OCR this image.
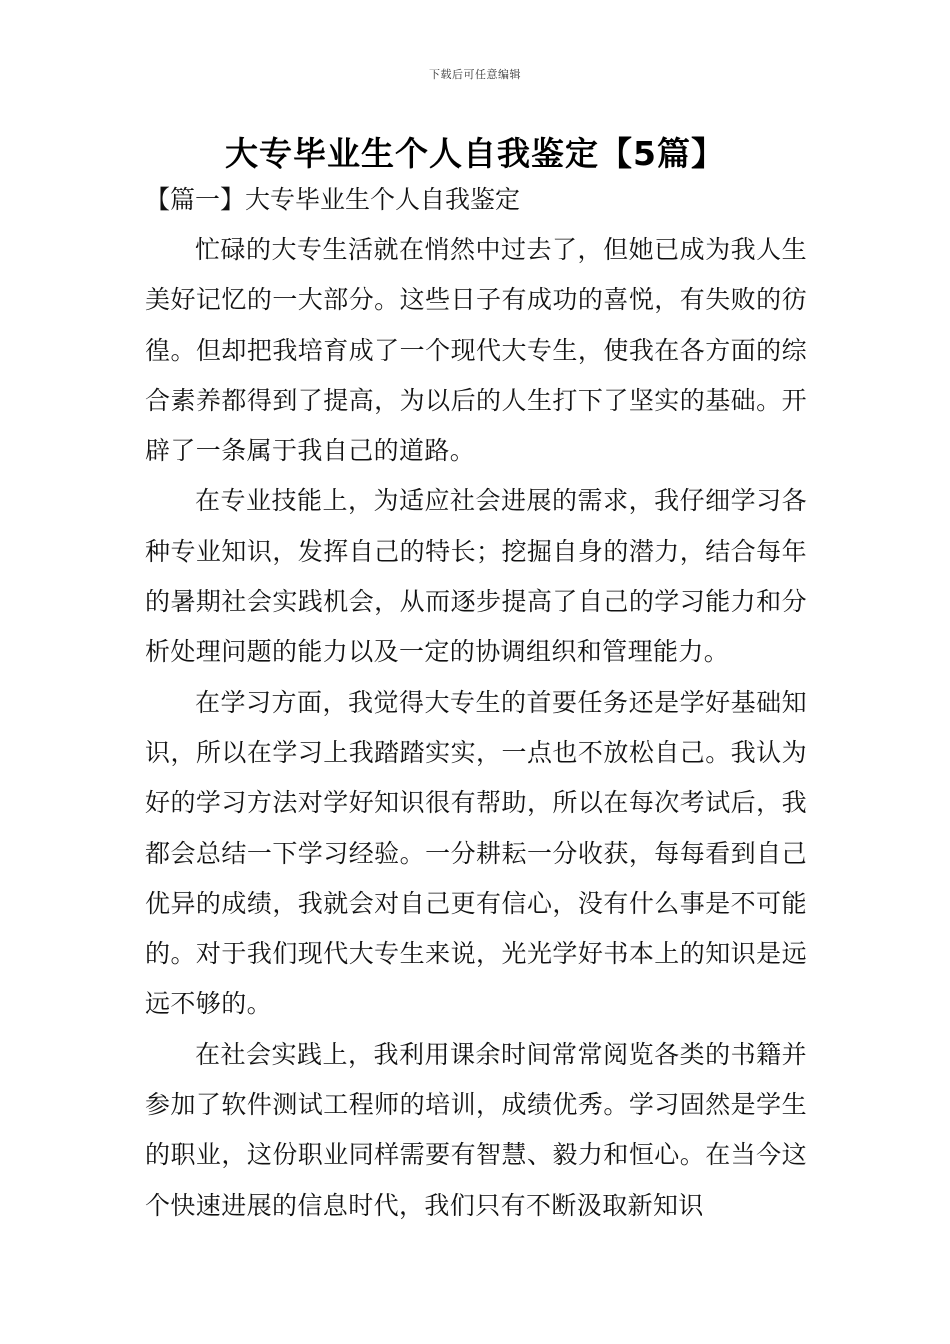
下载后可任意编辑
大专毕业生个人自我鉴定【5篇】
【篇一】大专毕业生个人自我鉴定

忙碌的大专生活就在悄然中过去了，但她已成为我人生美好记忆的一大部分。这些日子有成功的喜悦，有失败的彷徨。但却把我培育成了一个现代大专生，使我在各方面的综合素养都得到了提高，为以后的人生打下了坚实的基础。开辟了一条属于我自己的道路。

在专业技能上，为适应社会进展的需求，我仔细学习各种专业知识，发挥自己的特长；挖掘自身的潜力，结合每年的暑期社会实践机会，从而逐步提高了自己的学习能力和分析处理问题的能力以及一定的协调组织和管理能力。

在学习方面，我觉得大专生的首要任务还是学好基础知识，所以在学习上我踏踏实实，一点也不放松自己。我认为好的学习方法对学好知识很有帮助，所以在每次考试后，我都会总结一下学习经验。一分耕耘一分收获，每每看到自己优异的成绩，我就会对自己更有信心，没有什么事是不可能的。对于我们现代大专生来说，光光学好书本上的知识是远远不够的。

在社会实践上，我利用课余时间常常阅览各类的书籍并参加了软件测试工程师的培训，成绩优秀。学习固然是学生的职业，这份职业同样需要有智慧、毅力和恒心。在当今这个快速进展的信息时代，我们只有不断汲取新知识
